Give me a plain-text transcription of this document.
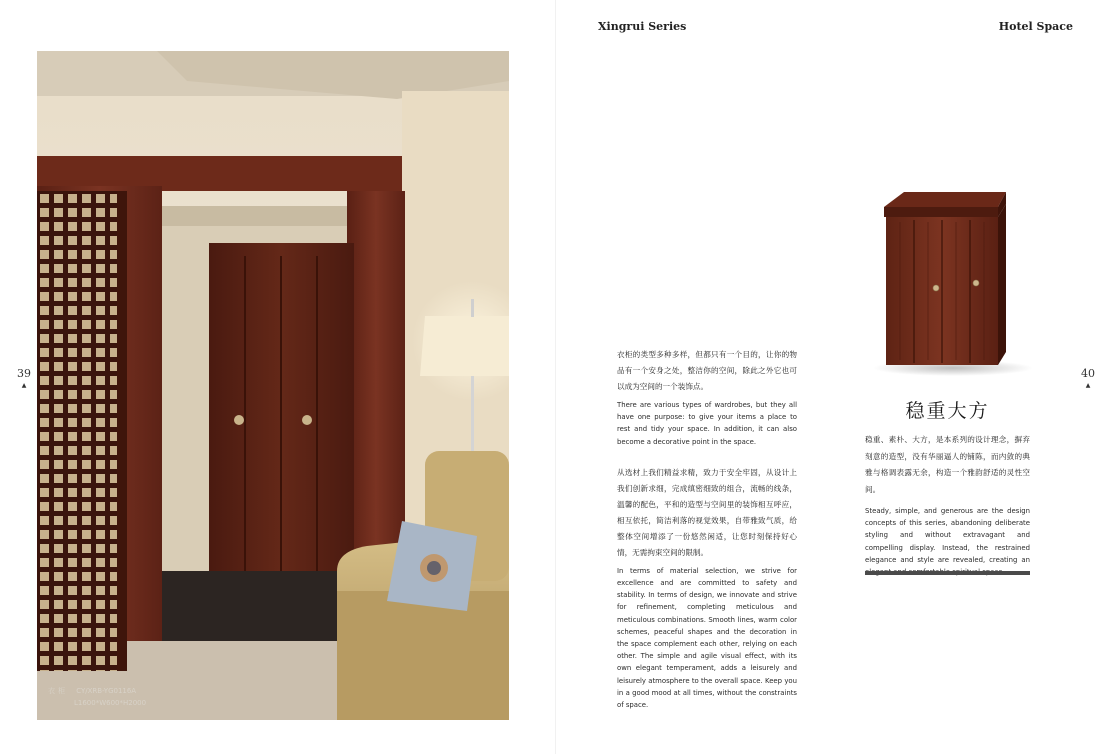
Xingrui Series	Hotel Space
39
▲
40
▲
衣柜 CY/XRB-YG0116A
L1600*W600*H2000

衣柜的类型多种多样，但都只有一个目的，让你的物品有一个安身之处，整洁你的空间，除此之外它也可以成为空间的一个装饰点。

There are various types of wardrobes, but they all have one purpose: to give your items a place to rest and tidy your space. In addition, it can also become a decorative point in the space.

从选材上我们精益求精，致力于安全牢固，从设计上我们创新求细，完成缜密细致的组合，流畅的线条，温馨的配色，平和的造型与空间里的装饰相互呼应，相互依托，简洁利落的视觉效果，自带雅致气质，给整体空间增添了一份悠然闲适，让您时刻保持好心情，无需拘束空间的限制。

In terms of material selection, we strive for excellence and are committed to safety and stability. In terms of design, we innovate and strive for refinement, completing meticulous and meticulous combinations. Smooth lines, warm color schemes, peaceful shapes and the decoration in the space complement each other, relying on each other. The simple and agile visual effect, with its own elegant temperament, adds a leisurely and leisurely atmosphere to the overall space. Keep you in a good mood at all times, without the constraints of space.

稳重大方

稳重、素朴、大方，是本系列的设计理念，摒弃刻意的造型，没有华丽逼人的铺陈，而内敛的典雅与格调表露无余，构造一个雅韵舒适的灵性空间。

Steady, simple, and generous are the design concepts of this series, abandoning deliberate styling and without extravagant and compelling display. Instead, the restrained elegance and style are revealed, creating an
